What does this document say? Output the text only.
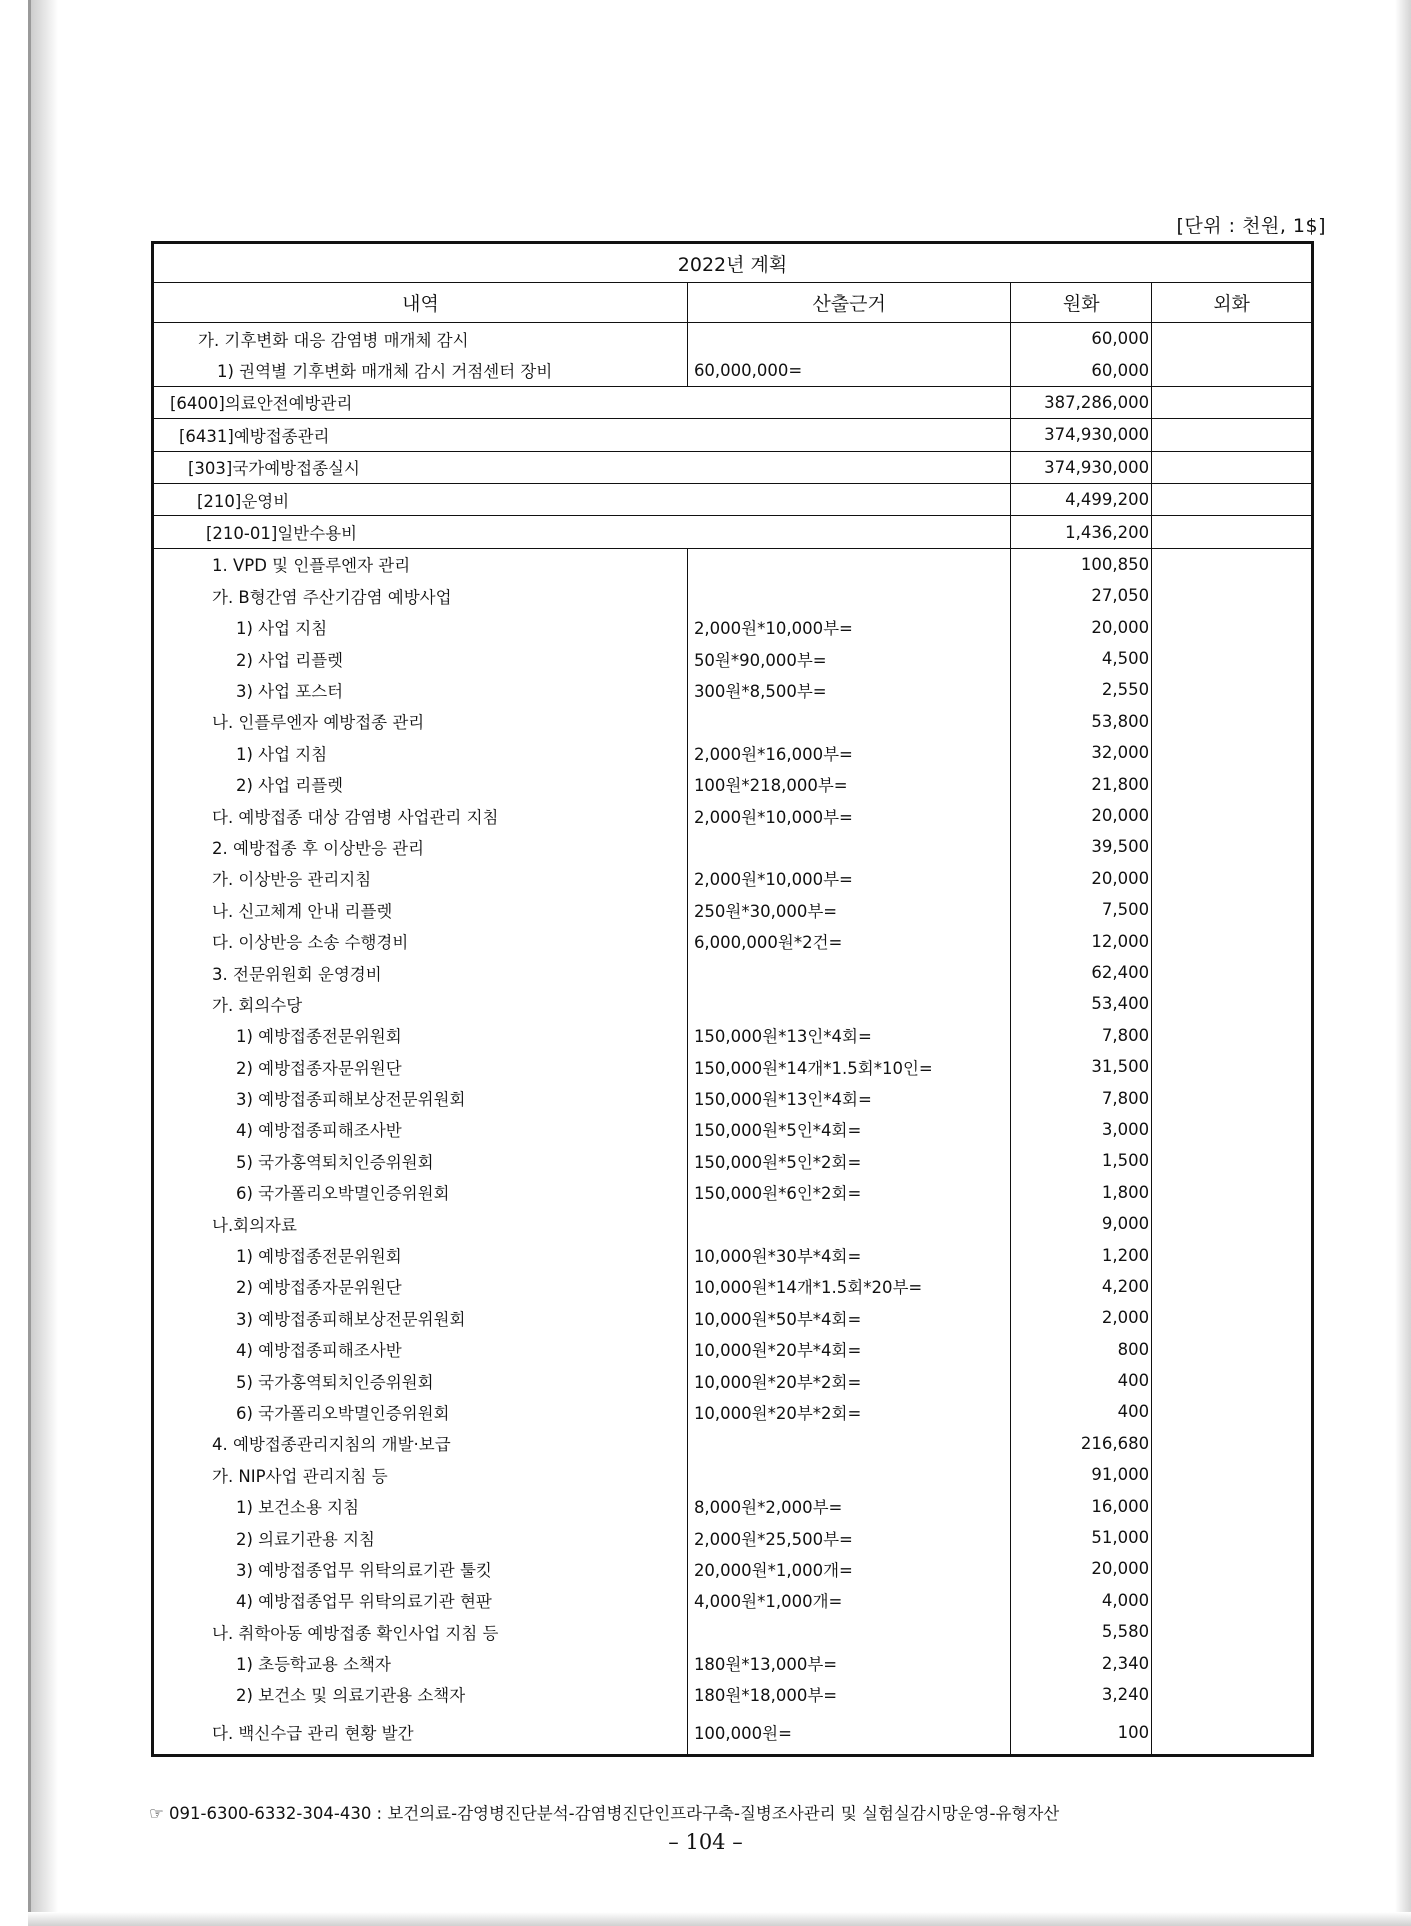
[단위 : 천원, 1$]
2022년 계획			
내역	산출근거	원화	외화
가. 기후변화 대응 감염병 매개체 감시		60,000	
1) 권역별 기후변화 매개체 감시 거점센터 장비	60,000,000=	60,000	
[6400]의료안전예방관리		387,286,000	
[6431]예방접종관리		374,930,000	
[303]국가예방접종실시		374,930,000	
[210]운영비		4,499,200	
[210-01]일반수용비		1,436,200	
1. VPD 및 인플루엔자 관리		100,850	
가. B형간염 주산기감염 예방사업		27,050	
1) 사업 지침	2,000원*10,000부=	20,000	
2) 사업 리플렛	50원*90,000부=	4,500	
3) 사업 포스터	300원*8,500부=	2,550	
나. 인플루엔자 예방접종 관리		53,800	
1) 사업 지침	2,000원*16,000부=	32,000	
2) 사업 리플렛	100원*218,000부=	21,800	
다. 예방접종 대상 감염병 사업관리 지침	2,000원*10,000부=	20,000	
2. 예방접종 후 이상반응 관리		39,500	
가. 이상반응 관리지침	2,000원*10,000부=	20,000	
나. 신고체계 안내 리플렛	250원*30,000부=	7,500	
다. 이상반응 소송 수행경비	6,000,000원*2건=	12,000	
3. 전문위원회 운영경비		62,400	
가. 회의수당		53,400	
1) 예방접종전문위원회	150,000원*13인*4회=	7,800	
2) 예방접종자문위원단	150,000원*14개*1.5회*10인=	31,500	
3) 예방접종피해보상전문위원회	150,000원*13인*4회=	7,800	
4) 예방접종피해조사반	150,000원*5인*4회=	3,000	
5) 국가홍역퇴치인증위원회	150,000원*5인*2회=	1,500	
6) 국가폴리오박멸인증위원회	150,000원*6인*2회=	1,800	
나.회의자료		9,000	
1) 예방접종전문위원회	10,000원*30부*4회=	1,200	
2) 예방접종자문위원단	10,000원*14개*1.5회*20부=	4,200	
3) 예방접종피해보상전문위원회	10,000원*50부*4회=	2,000	
4) 예방접종피해조사반	10,000원*20부*4회=	800	
5) 국가홍역퇴치인증위원회	10,000원*20부*2회=	400	
6) 국가폴리오박멸인증위원회	10,000원*20부*2회=	400	
4. 예방접종관리지침의 개발·보급		216,680	
가. NIP사업 관리지침 등		91,000	
1) 보건소용 지침	8,000원*2,000부=	16,000	
2) 의료기관용 지침	2,000원*25,500부=	51,000	
3) 예방접종업무 위탁의료기관 툴킷	20,000원*1,000개=	20,000	
4) 예방접종업무 위탁의료기관 현판	4,000원*1,000개=	4,000	
나. 취학아동 예방접종 확인사업 지침 등		5,580	
1) 초등학교용 소책자	180원*13,000부=	2,340	
2) 보건소 및 의료기관용 소책자	180원*18,000부=	3,240	
다. 백신수급 관리 현황 발간	100,000원=	100	
☞ 091-6300-6332-304-430 : 보건의료-감영병진단분석-감염병진단인프라구축-질병조사관리 및 실험실감시망운영-유형자산
– 104 –
